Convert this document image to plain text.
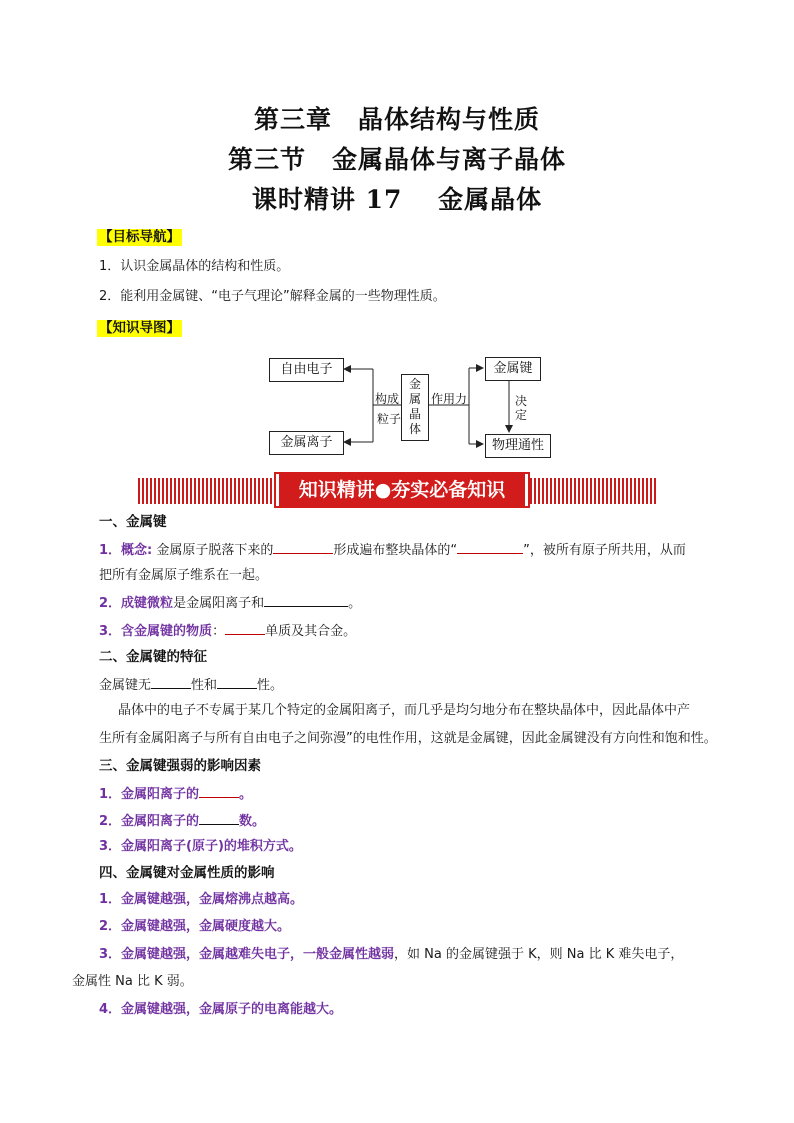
第三章　晶体结构与性质
第三节　金属晶体与离子晶体
课时精讲 17　 金属晶体
【目标导航】
1．认识金属晶体的结构和性质。
2．能利用金属键、“电子气理论”解释金属的一些物理性质。
【知识导图】
自由电子
金属离子
构成
粒子
金
属
晶
体
作用力
金属键
决
定
物理通性
知识精讲●夯实必备知识
一、金属键
1．概念: 金属原子脱落下来的	形成遍布整块晶体的“	”，被所有原子所共用，从而
把所有金属原子维系在一起。
2．成键微粒是金属阳离子和	。
3．含金属键的物质：	单质及其合金。
二、金属键的特征
金属键无	性和	性。
晶体中的电子不专属于某几个特定的金属阳离子，而几乎是均匀地分布在整块晶体中，因此晶体中产
生所有金属阳离子与所有自由电子之间弥漫”的电性作用，这就是金属键，因此金属键没有方向性和饱和性。
三、金属键强弱的影响因素
1．金属阳离子的	。
2．金属阳离子的	数。
3．金属阳离子(原子)的堆积方式。
四、金属键对金属性质的影响
1．金属键越强，金属熔沸点越高。
2．金属键越强，金属硬度越大。
3．金属键越强，金属越难失电子，一般金属性越弱，如 Na 的金属键强于 K，则 Na 比 K 难失电子，
金属性 Na 比 K 弱。
4．金属键越强，金属原子的电离能越大。
